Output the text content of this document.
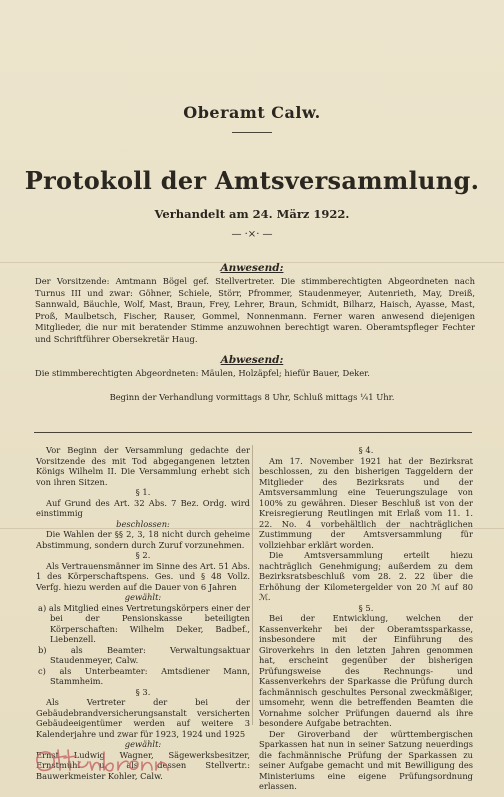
Oberamt Calw.
Protokoll der Amtsversammlung.
Verhandelt am 24. März 1922.
— ·×· —
Anwesend:

Der Vorsitzende: Amtmann Bögel gef. Stellvertreter. Die stimmberechtigten Abgeordneten nach Turnus III und zwar: Göhner, Schiele, Störr, Pfrommer, Staudenmeyer, Autenrieth, May, Dreiß, Sannwald, Bäuchle, Wolf, Mast, Braun, Frey, Lehrer, Braun, Schmidt, Bilharz, Haisch, Ayasse, Mast, Proß, Maulbetsch, Fischer, Rauser, Gommel, Nonnenmann. Ferner waren anwesend diejenigen Mitglieder, die nur mit beratender Stimme anzuwohnen berechtigt waren. Oberamtspfleger Fechter und Schriftführer Obersekretär Haug.

Abwesend:

Die stimmberechtigten Abgeordneten: Mäulen, Holzäpfel; hiefür Bauer, Deker.

Beginn der Verhandlung vormittags 8 Uhr, Schluß mittags ¼1 Uhr.

Vor Beginn der Versammlung gedachte der Vorsitzende des mit Tod abgegangenen letzten Königs Wilhelm II. Die Versammlung erhebt sich von ihren Sitzen.

§ 1.

Auf Grund des Art. 32 Abs. 7 Bez. Ordg. wird einstimmig

beschlossen:

Die Wahlen der §§ 2, 3, 18 nicht durch geheime Abstimmung, sondern durch Zuruf vorzunehmen.

§ 2.

Als Vertrauensmänner im Sinne des Art. 51 Abs. 1 des Körperschaftspens. Ges. und § 48 Vollz. Verfg. hiezu werden auf die Dauer von 6 Jahren

gewählt:

a) als Mitglied eines Vertretungskörpers einer der bei der Pensionskasse beteiligten Körperschaften: Wilhelm Deker, Badbef., Liebenzell.

b) als Beamter: Verwaltungsaktuar Staudenmeyer, Calw.

c) als Unterbeamter: Amtsdiener Mann, Stammheim.

§ 3.

Als Vertreter der bei der Gebäudebrandversicherungsanstalt versicherten Gebäudeeigentümer werden auf weitere 3 Kalenderjahre und zwar für 1923, 1924 und 1925

gewählt:

Ernst Ludwig Wagner, Sägewerksbesitzer, Ernstmühl u. als dessen Stellvertr.: Bauwerkmeister Kohler, Calw.

§ 4.

Am 17. November 1921 hat der Bezirksrat beschlossen, zu den bisherigen Taggeldern der Mitglieder des Bezirksrats und der Amtsversammlung eine Teuerungszulage von 100% zu gewähren. Dieser Beschluß ist von der Kreisregierung Reutlingen mit Erlaß vom 11. 1. 22. No. 4 vorbehältlich der nachträglichen Zustimmung der Amtsversammlung für vollziehbar erklärt worden.

Die Amtsversammlung erteilt hiezu nachträglich Genehmigung; außerdem zu dem Bezirksratsbeschluß vom 28. 2. 22 über die Erhöhung der Kilometergelder von 20 ℳ auf 80 ℳ.

§ 5.

Bei der Entwicklung, welchen der Kassenverkehr bei der Oberamtssparkasse, insbesondere mit der Einführung des Giroverkehrs in den letzten Jahren genommen hat, erscheint gegenüber der bisherigen Prüfungsweise des Rechnungs- und Kassenverkehrs der Sparkasse die Prüfung durch fachmännisch geschultes Personal zweckmäßiger, umsomehr, wenn die betreffenden Beamten die Vornahme solcher Prüfungen dauernd als ihre besondere Aufgabe betrachten.

Der Giroverband der württembergischen Sparkassen hat nun in seiner Satzung neuerdings die fachmännische Prüfung der Sparkassen zu seiner Aufgabe gemacht und mit Bewilligung des Ministeriums eine eigene Prüfungsordnung erlassen.
